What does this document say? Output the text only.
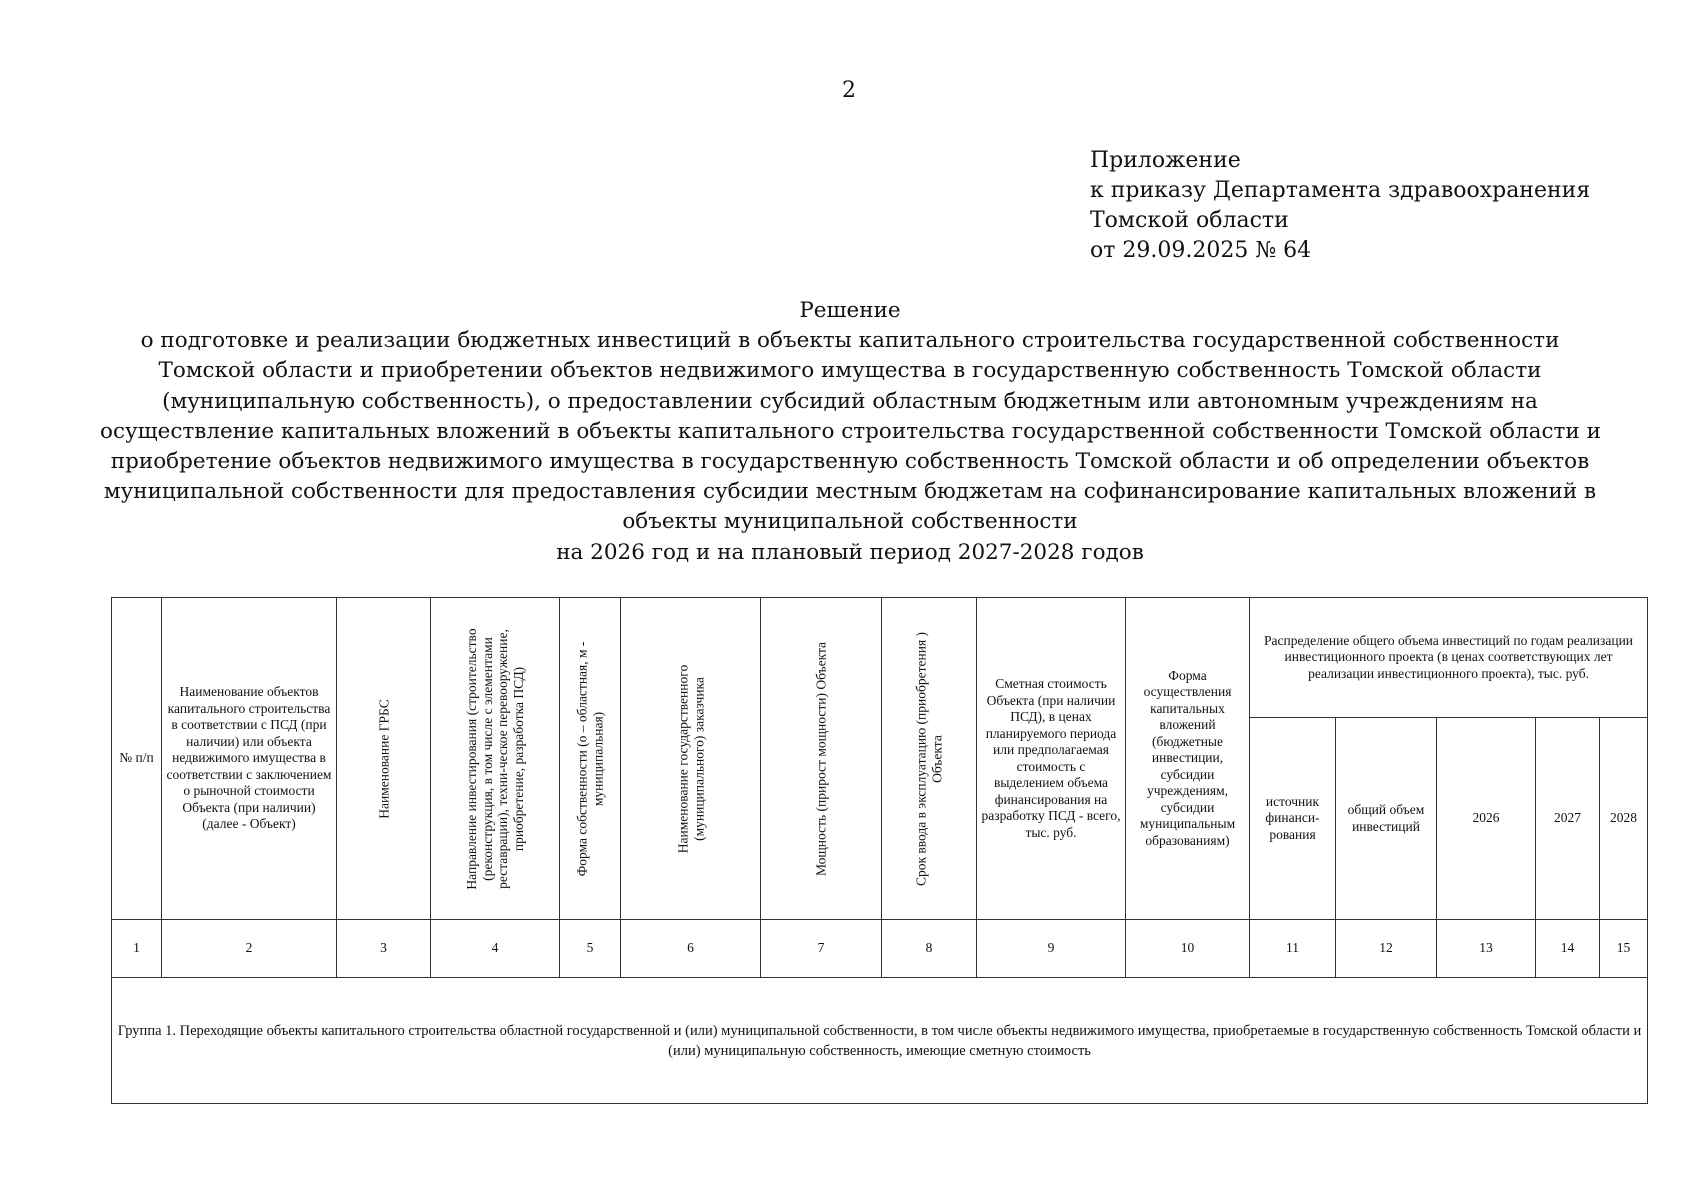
2
Приложение
к приказу Департамента здравоохранения
Томской области
от 29.09.2025 № 64
Решение
о подготовке и реализации бюджетных инвестиций в объекты капитального строительства государственной собственности
Томской области и приобретении объектов недвижимого имущества в государственную собственность Томской области
(муниципальную собственность), о предоставлении субсидий областным бюджетным или автономным учреждениям на
осуществление капитальных вложений в объекты капитального строительства государственной собственности Томской области и
приобретение объектов недвижимого имущества в государственную собственность Томской области и об определении объектов
муниципальной собственности для предоставления субсидии местным бюджетам на софинансирование капитальных вложений в
объекты муниципальной собственности
на 2026 год и на плановый период 2027-2028 годов
№ п/п	Наименование объектов капитального строительства в соответствии с ПСД (при наличии) или объекта недвижимого имущества в соответствии с заключением о рыночной стоимости Объекта (при наличии) (далее - Объект)	Наименование ГРБС	Направление инвестирования (строительство (реконструкция, в том числе с элементами реставрации), техни-ческое перевооружение, приобретение, разработка ПСД)	Форма собственности (о – областная, м - муниципальная)	Наименование государственного (муниципального) заказчика	Мощность (прирост мощности) Объекта	Срок ввода в эксплуатацию (приобретения ) Объекта	Сметная стоимость Объекта (при наличии ПСД), в ценах планируемого периода или предполагаемая стоимость с выделением объема финансирования на разработку ПСД - всего, тыс. руб.	Форма осуществления капитальных вложений (бюджетные инвестиции, субсидии учреждениям, субсидии муниципальным образованиям)	Распределение общего объема инвестиций по годам реализации инвестиционного проекта (в ценах соответствующих лет реализации инвестиционного проекта), тыс. руб.				

										источник финанси-рования	общий объем инвестиций	2026	2027	2028

1	2	3	4	5	6	7	8	9	10	11	12	13	14	15
Группа 1. Переходящие объекты капитального строительства областной государственной и (или) муниципальной собственности, в том числе объекты недвижимого имущества, приобретаемые в государственную собственность Томской области и (или) муниципальную собственность, имеющие сметную стоимость														
